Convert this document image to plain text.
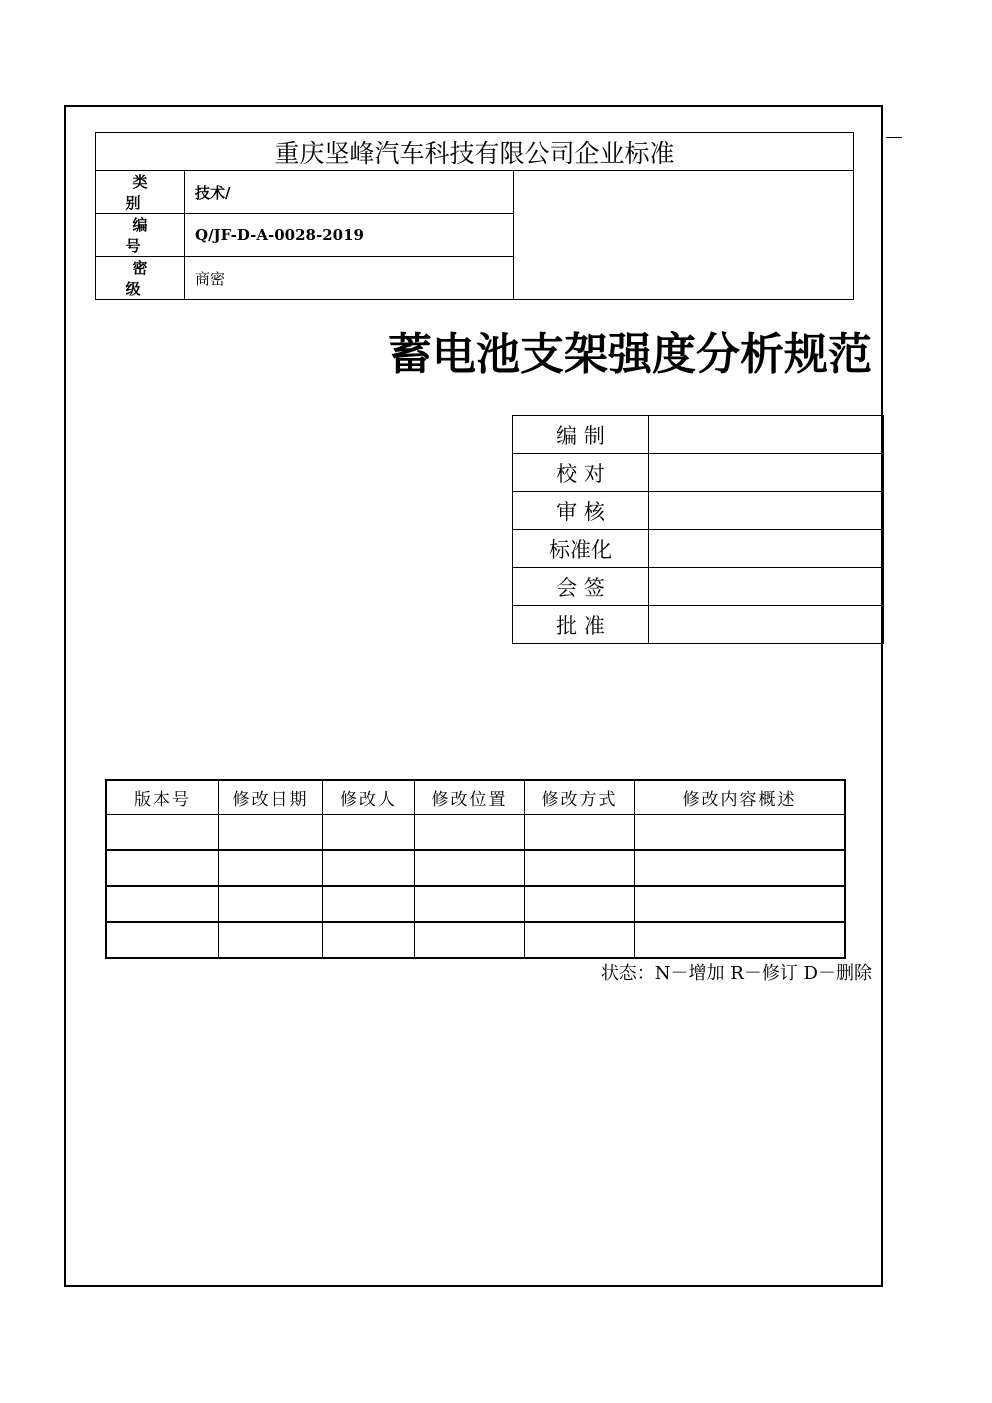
重庆坚峰汽车科技有限公司企业标准
类 别	技术/	
编 号	Q/JF-D-A-0028-2019	
密 级	商密	
蓄电池支架强度分析规范
编 制	
校 对	
审 核	
标准化	
会 签	
批 准	
版本号	修改日期	修改人	修改位置	修改方式	修改内容概述

状态：N－增加 R－修订 D－删除
